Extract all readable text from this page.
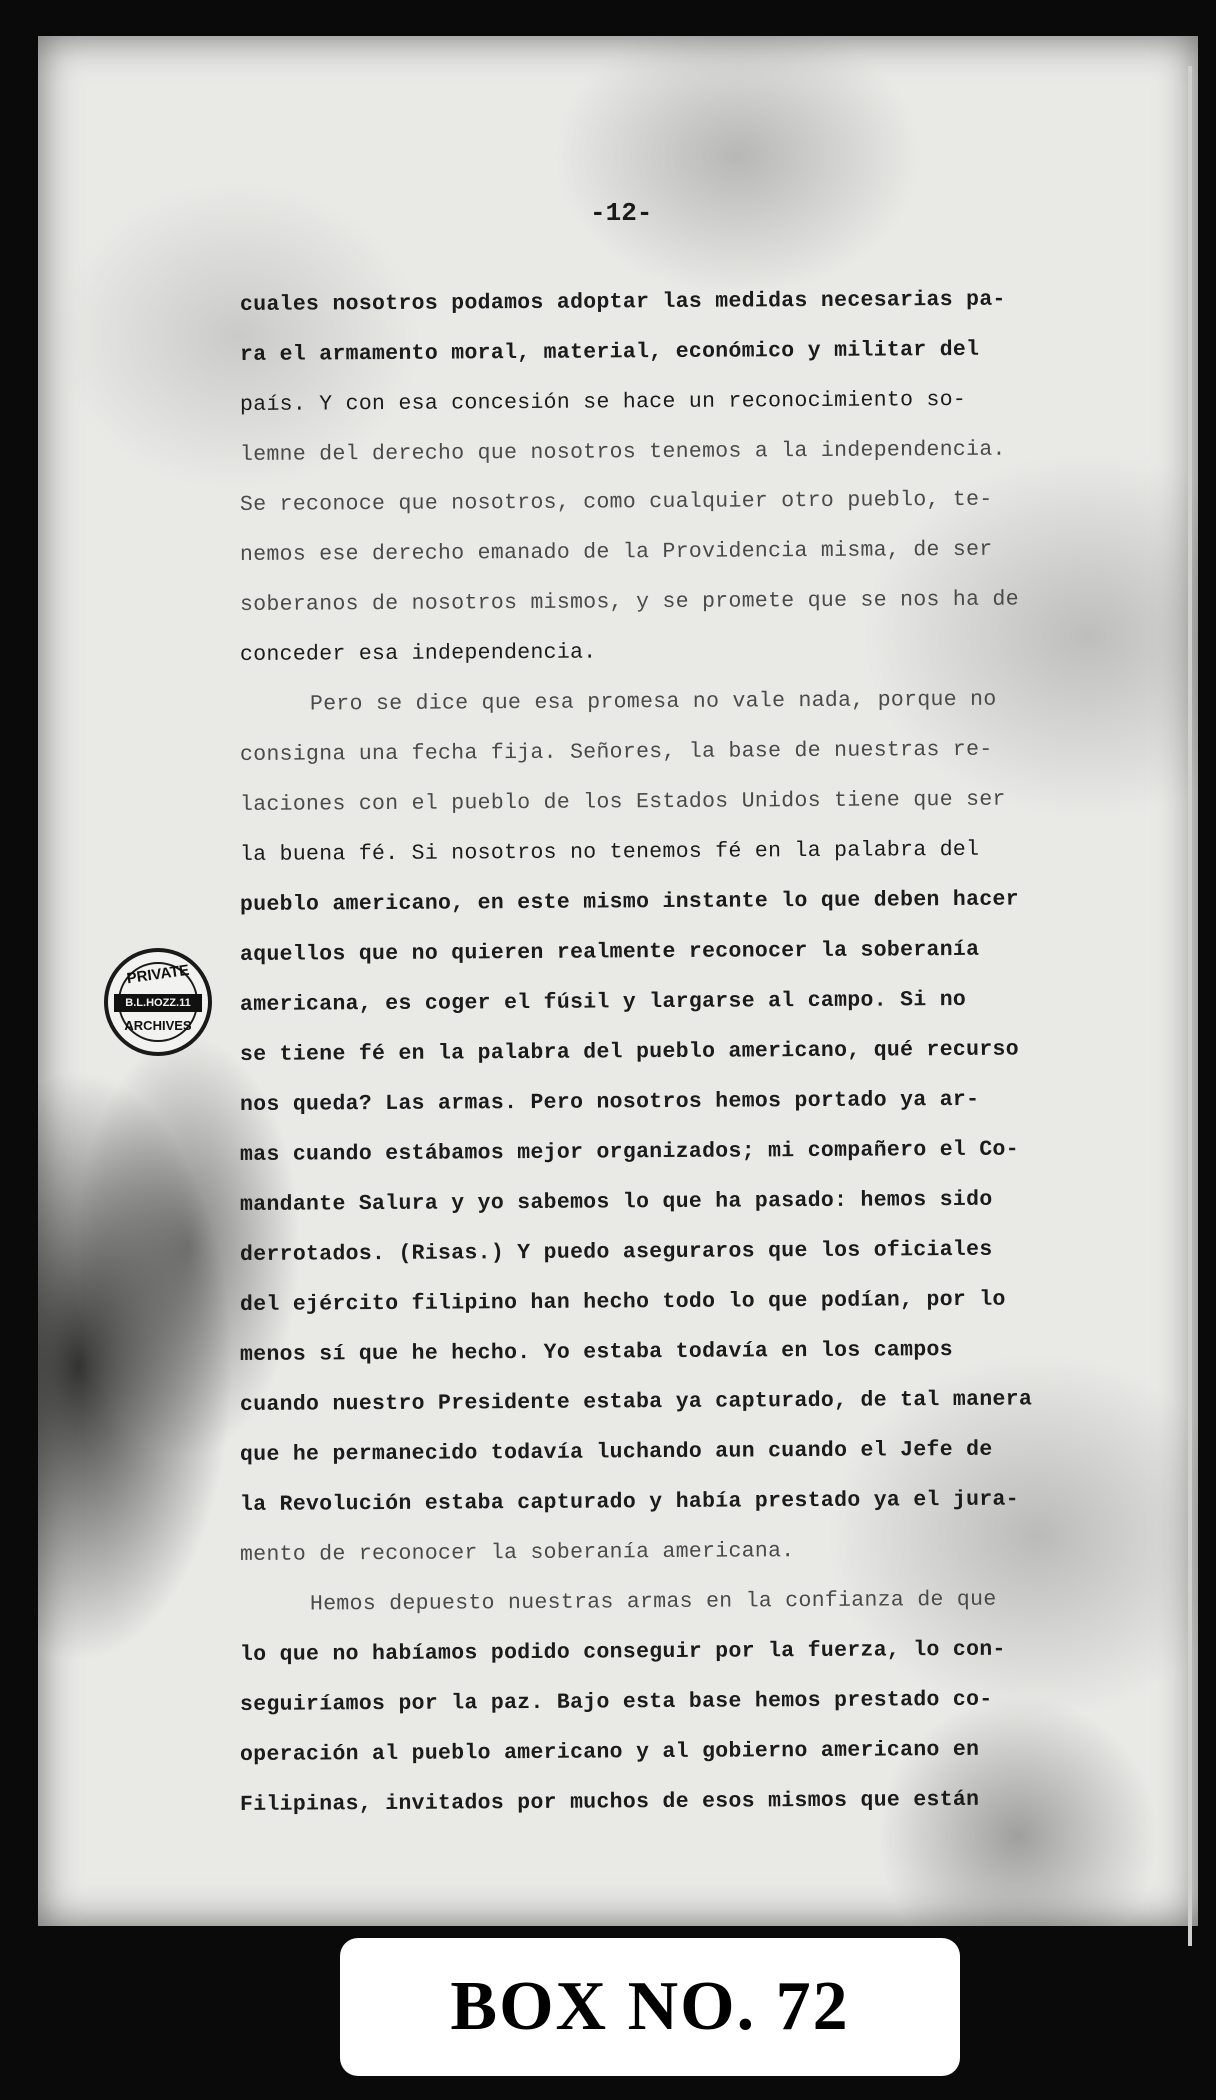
-12-
cuales nosotros podamos adoptar las medidas necesarias pa-
ra el armamento moral, material, económico y militar del
país. Y con esa concesión se hace un reconocimiento so-
lemne del derecho que nosotros tenemos a la independencia.
Se reconoce que nosotros, como cualquier otro pueblo, te-
nemos ese derecho emanado de la Providencia misma, de ser
soberanos de nosotros mismos, y se promete que se nos ha de
conceder esa independencia.
Pero se dice que esa promesa no vale nada, porque no
consigna una fecha fija. Señores, la base de nuestras re-
laciones con el pueblo de los Estados Unidos tiene que ser
la buena fé. Si nosotros no tenemos fé en la palabra del
pueblo americano, en este mismo instante lo que deben hacer
aquellos que no quieren realmente reconocer la soberanía
americana, es coger el fúsil y largarse al campo. Si no
se tiene fé en la palabra del pueblo americano, qué recurso
nos queda? Las armas. Pero nosotros hemos portado ya ar-
mas cuando estábamos mejor organizados; mi compañero el Co-
mandante Salura y yo sabemos lo que ha pasado: hemos sido
derrotados. (Risas.) Y puedo aseguraros que los oficiales
del ejército filipino han hecho todo lo que podían, por lo
menos sí que he hecho. Yo estaba todavía en los campos
cuando nuestro Presidente estaba ya capturado, de tal manera
que he permanecido todavía luchando aun cuando el Jefe de
la Revolución estaba capturado y había prestado ya el jura-
mento de reconocer la soberanía americana.
Hemos depuesto nuestras armas en la confianza de que
lo que no habíamos podido conseguir por la fuerza, lo con-
seguiríamos por la paz. Bajo esta base hemos prestado co-
operación al pueblo americano y al gobierno americano en
Filipinas, invitados por muchos de esos mismos que están
PRIVATE
B.L.HOZZ.11
ARCHIVES
BOX NO. 72
